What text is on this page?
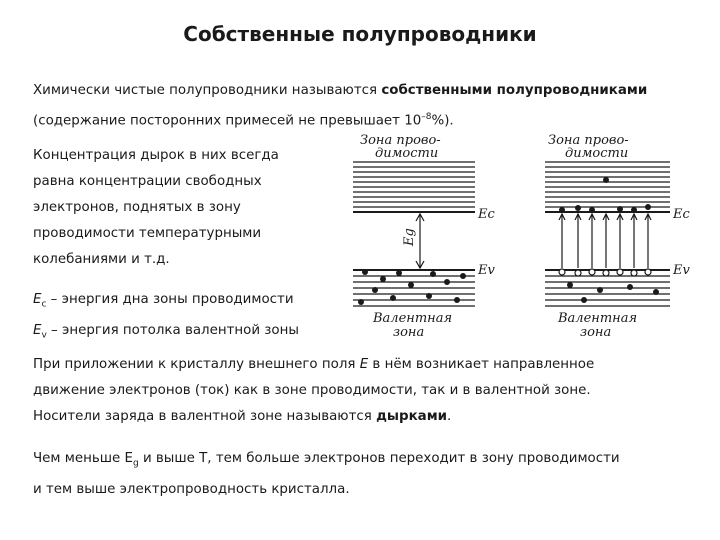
Собственные полупроводники
Химически чистые полупроводники называются собственными полупроводниками
(содержание посторонних примесей не превышает $10^{-8}\%$).
Концентрация дырок в них всегда
равна концентрации свободных
электронов, поднятых в зону
проводимости температурными
колебаниями и т.д.
$E_c$ – энергия дна зоны проводимости
$E_v$ – энергия потолка валентной зоны
При приложении к кристаллу внешнего поля E в нём возникает направленное
движение электронов (ток) как в зоне проводимости, так и в валентной зоне.
Носители заряда в валентной зоне называются дырками.
Чем меньше $E_g$ и выше Т, тем больше электронов переходит в зону проводимости
и тем выше электропроводность кристалла.
Зона прово-
димости
Ec
Ev
Eg
Валентная
зона
Зона прово-
димости
Ec
Ev
Валентная
зона
